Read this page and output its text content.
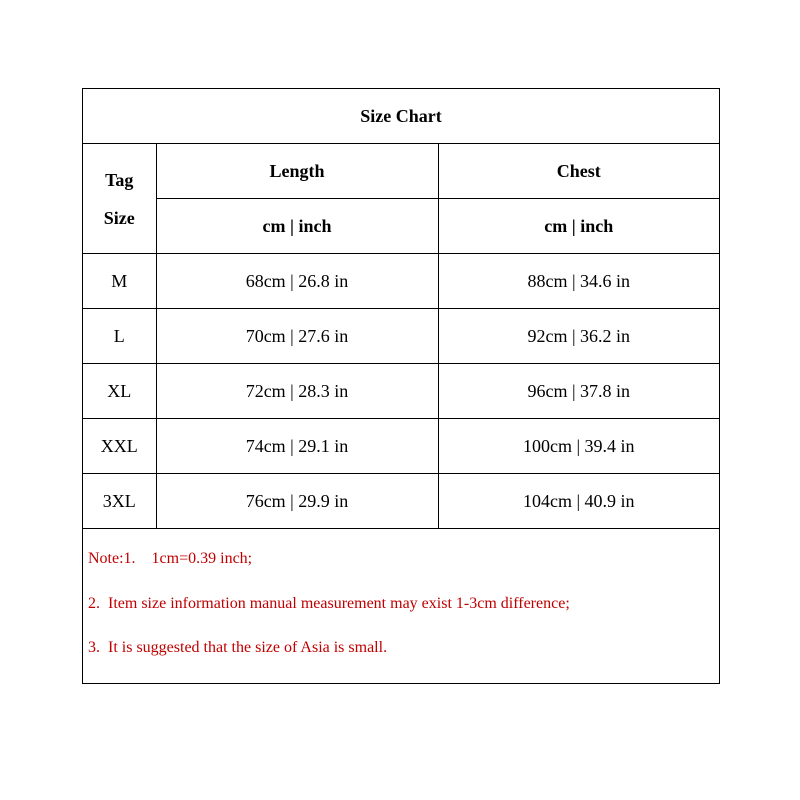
Size Chart		
Tag
Size	Length	Chest
	cm | inch	cm | inch
M	68cm | 26.8 in	88cm | 34.6 in
L	70cm | 27.6 in	92cm | 36.2 in
XL	72cm | 28.3 in	96cm | 37.8 in
XXL	74cm | 29.1 in	100cm | 39.4 in
3XL	76cm | 29.9 in	104cm | 40.9 in
Note:1.    1cm=0.39 inch;
2.  Item size information manual measurement may exist 1-3cm difference;
3.  It is suggested that the size of Asia is small.
